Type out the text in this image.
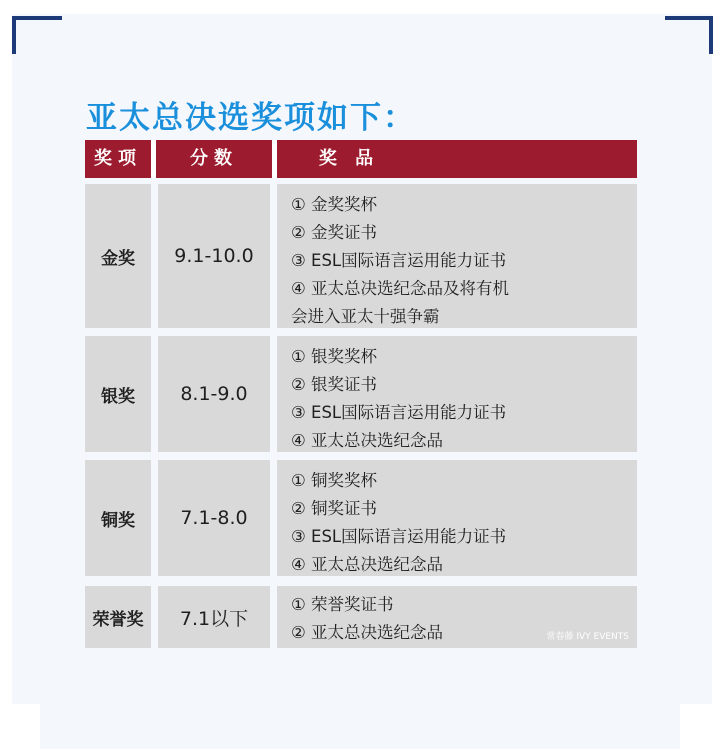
亚太总决选奖项如下：
奖项	分数	奖 品
金奖	9.1-10.0
① 金奖奖杯
② 金奖证书
③ ESL国际语言运用能力证书
④ 亚太总决选纪念品及将有机
会进入亚太十强争霸
银奖	8.1-9.0
① 银奖奖杯
② 银奖证书
③ ESL国际语言运用能力证书
④ 亚太总决选纪念品
铜奖	7.1-8.0
① 铜奖奖杯
② 铜奖证书
③ ESL国际语言运用能力证书
④ 亚太总决选纪念品
荣誉奖	7.1以下
① 荣誉奖证书
② 亚太总决选纪念品	常春藤 IVY EVENTS
